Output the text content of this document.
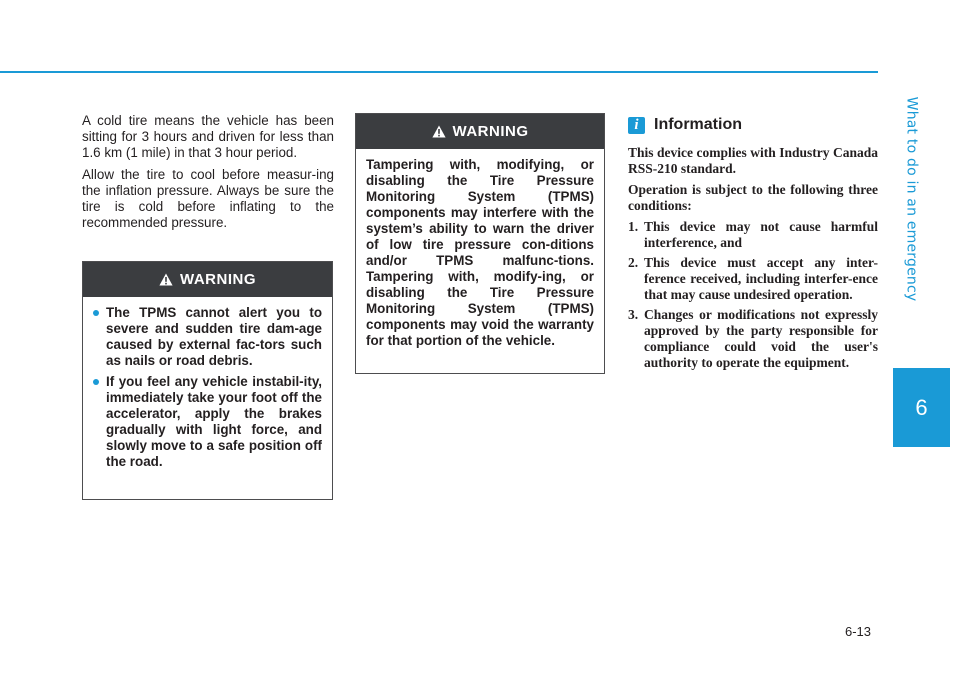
What to do in an emergency
6
6-13

A cold tire means the vehicle has been sitting for 3 hours and driven for less than 1.6 km (1 mile) in that 3 hour period.

Allow the tire to cool before measur-ing the inflation pressure. Always be sure the tire is cold before inflating to the recommended pressure.

WARNING
The TPMS cannot alert you to severe and sudden tire dam-age caused by external fac-tors such as nails or road debris.
If you feel any vehicle instabil-ity, immediately take your foot off the accelerator, apply the brakes gradually with light force, and slowly move to a safe position off the road.
WARNING

Tampering with, modifying, or disabling the Tire Pressure Monitoring System (TPMS) components may interfere with the system’s ability to warn the driver of low tire pressure con-ditions and/or TPMS malfunc-tions. Tampering with, modify-ing, or disabling the Tire Pressure Monitoring System (TPMS) components may void the warranty for that portion of the vehicle.

i Information

This device complies with Industry Canada RSS-210 standard.

Operation is subject to the following three conditions:

1. This device may not cause harmful interference, and
2. This device must accept any inter-ference received, including interfer-ence that may cause undesired operation.
3. Changes or modifications not expressly approved by the party responsible for compliance could void the user's authority to operate the equipment.
